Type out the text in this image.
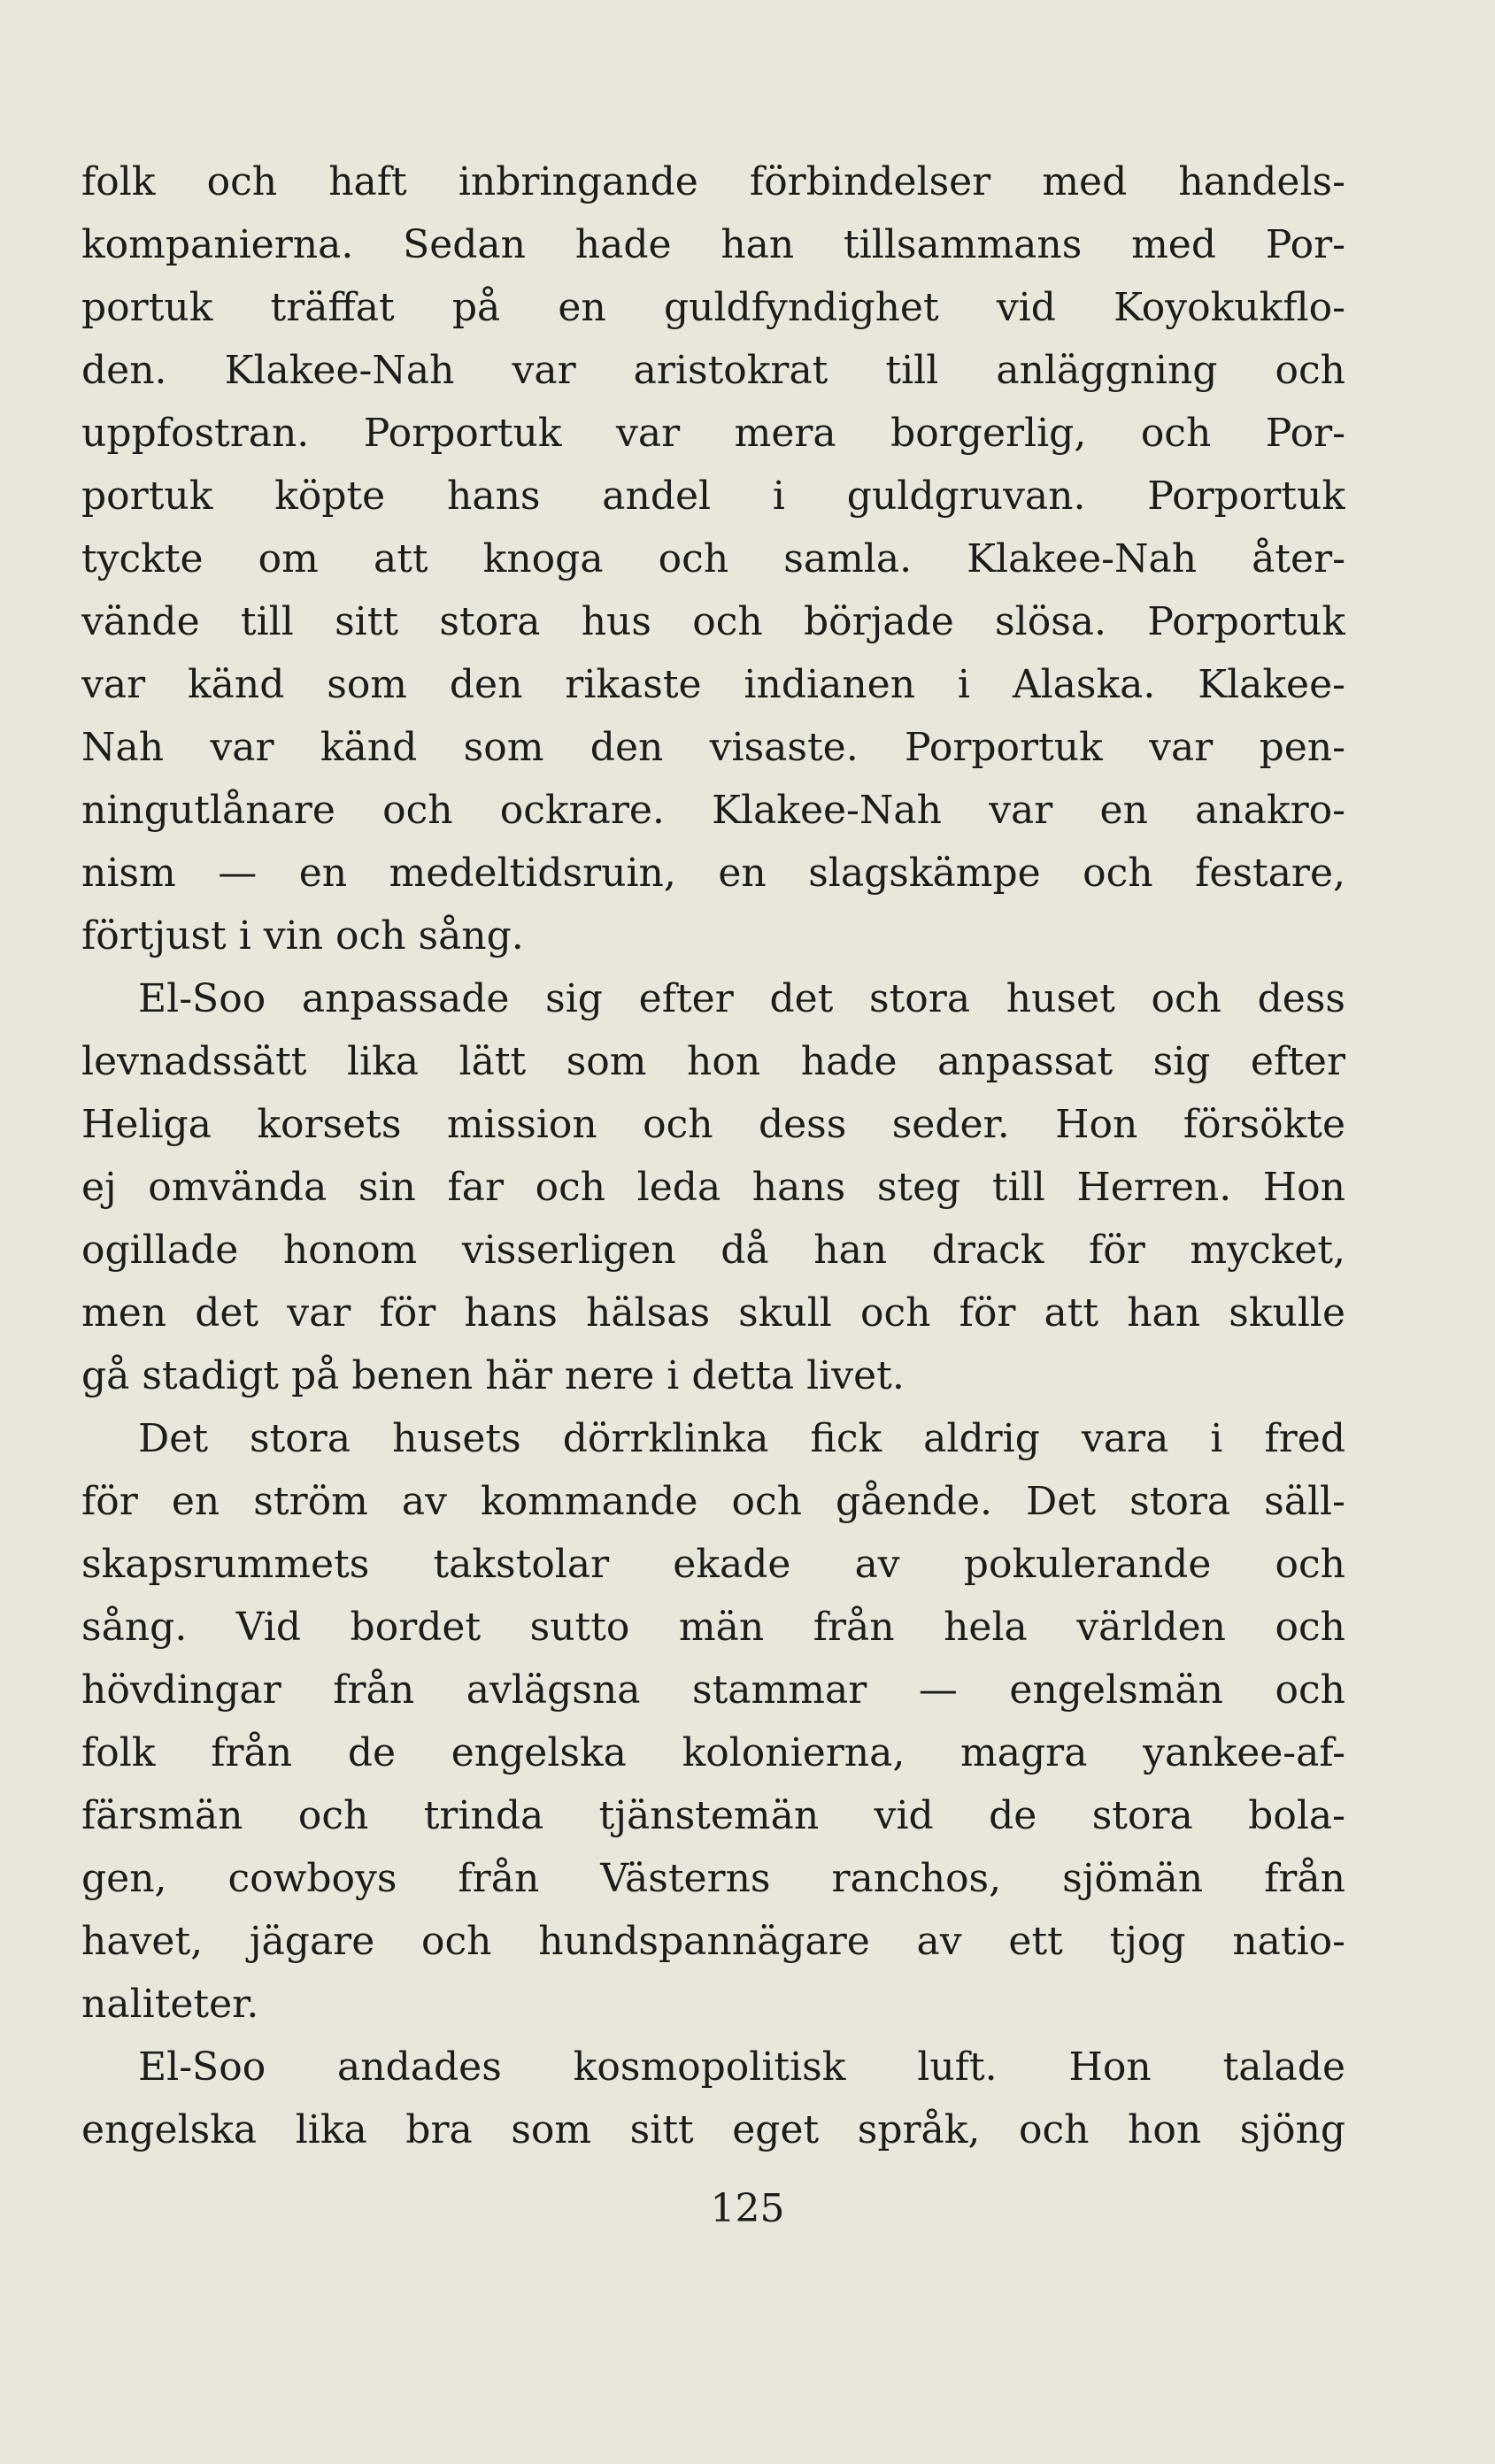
folk och haft inbringande förbindelser med handels-
kompanierna. Sedan hade han tillsammans med Por-
portuk träffat på en guldfyndighet vid Koyokukflo-
den. Klakee-Nah var aristokrat till anläggning och
uppfostran. Porportuk var mera borgerlig, och Por-
portuk köpte hans andel i guldgruvan. Porportuk
tyckte om att knoga och samla. Klakee-Nah åter-
vände till sitt stora hus och började slösa. Porportuk
var känd som den rikaste indianen i Alaska. Klakee-
Nah var känd som den visaste. Porportuk var pen-
ningutlånare och ockrare. Klakee-Nah var en anakro-
nism — en medeltidsruin, en slagskämpe och festare,
förtjust i vin och sång.
El-Soo anpassade sig efter det stora huset och dess
levnadssätt lika lätt som hon hade anpassat sig efter
Heliga korsets mission och dess seder. Hon försökte
ej omvända sin far och leda hans steg till Herren. Hon
ogillade honom visserligen då han drack för mycket,
men det var för hans hälsas skull och för att han skulle
gå stadigt på benen här nere i detta livet.
Det stora husets dörrklinka fick aldrig vara i fred
för en ström av kommande och gående. Det stora säll-
skapsrummets takstolar ekade av pokulerande och
sång. Vid bordet sutto män från hela världen och
hövdingar från avlägsna stammar — engelsmän och
folk från de engelska kolonierna, magra yankee-af-
färsmän och trinda tjänstemän vid de stora bola-
gen, cowboys från Västerns ranchos, sjömän från
havet, jägare och hundspannägare av ett tjog natio-
naliteter.
El-Soo andades kosmopolitisk luft. Hon talade
engelska lika bra som sitt eget språk, och hon sjöng
125
